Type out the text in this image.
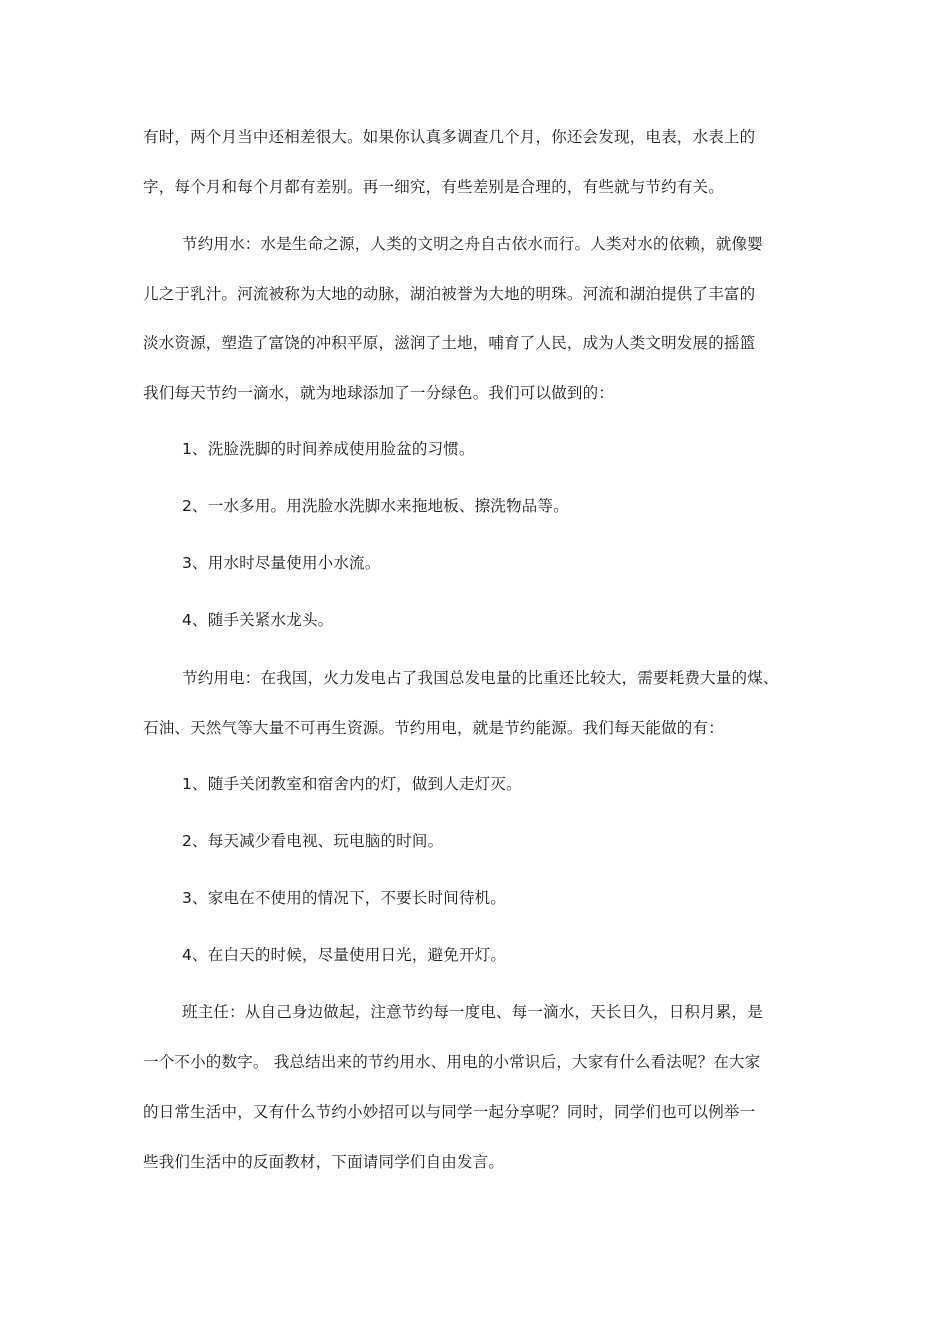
有时，两个月当中还相差很大。如果你认真多调查几个月，你还会发现，电表，水表上的
字，每个月和每个月都有差别。再一细究，有些差别是合理的，有些就与节约有关。
节约用水：水是生命之源，人类的文明之舟自古依水而行。人类对水的依赖，就像婴
儿之于乳汁。河流被称为大地的动脉，湖泊被誉为大地的明珠。河流和湖泊提供了丰富的
淡水资源，塑造了富饶的冲积平原，滋润了土地，哺育了人民，成为人类文明发展的摇篮
我们每天节约一滴水，就为地球添加了一分绿色。我们可以做到的：
1、洗脸洗脚的时间养成使用脸盆的习惯。
2、一水多用。用洗脸水洗脚水来拖地板、擦洗物品等。
3、用水时尽量使用小水流。
4、随手关紧水龙头。
节约用电：在我国，火力发电占了我国总发电量的比重还比较大，需要耗费大量的煤、
石油、天然气等大量不可再生资源。节约用电，就是节约能源。我们每天能做的有：
1、随手关闭教室和宿舍内的灯，做到人走灯灭。
2、每天减少看电视、玩电脑的时间。
3、家电在不使用的情况下，不要长时间待机。
4、在白天的时候，尽量使用日光，避免开灯。
班主任：从自己身边做起，注意节约每一度电、每一滴水，天长日久，日积月累，是
一个不小的数字。 我总结出来的节约用水、用电的小常识后，大家有什么看法呢？在大家
的日常生活中，又有什么节约小妙招可以与同学一起分享呢？同时，同学们也可以例举一
些我们生活中的反面教材，下面请同学们自由发言。
